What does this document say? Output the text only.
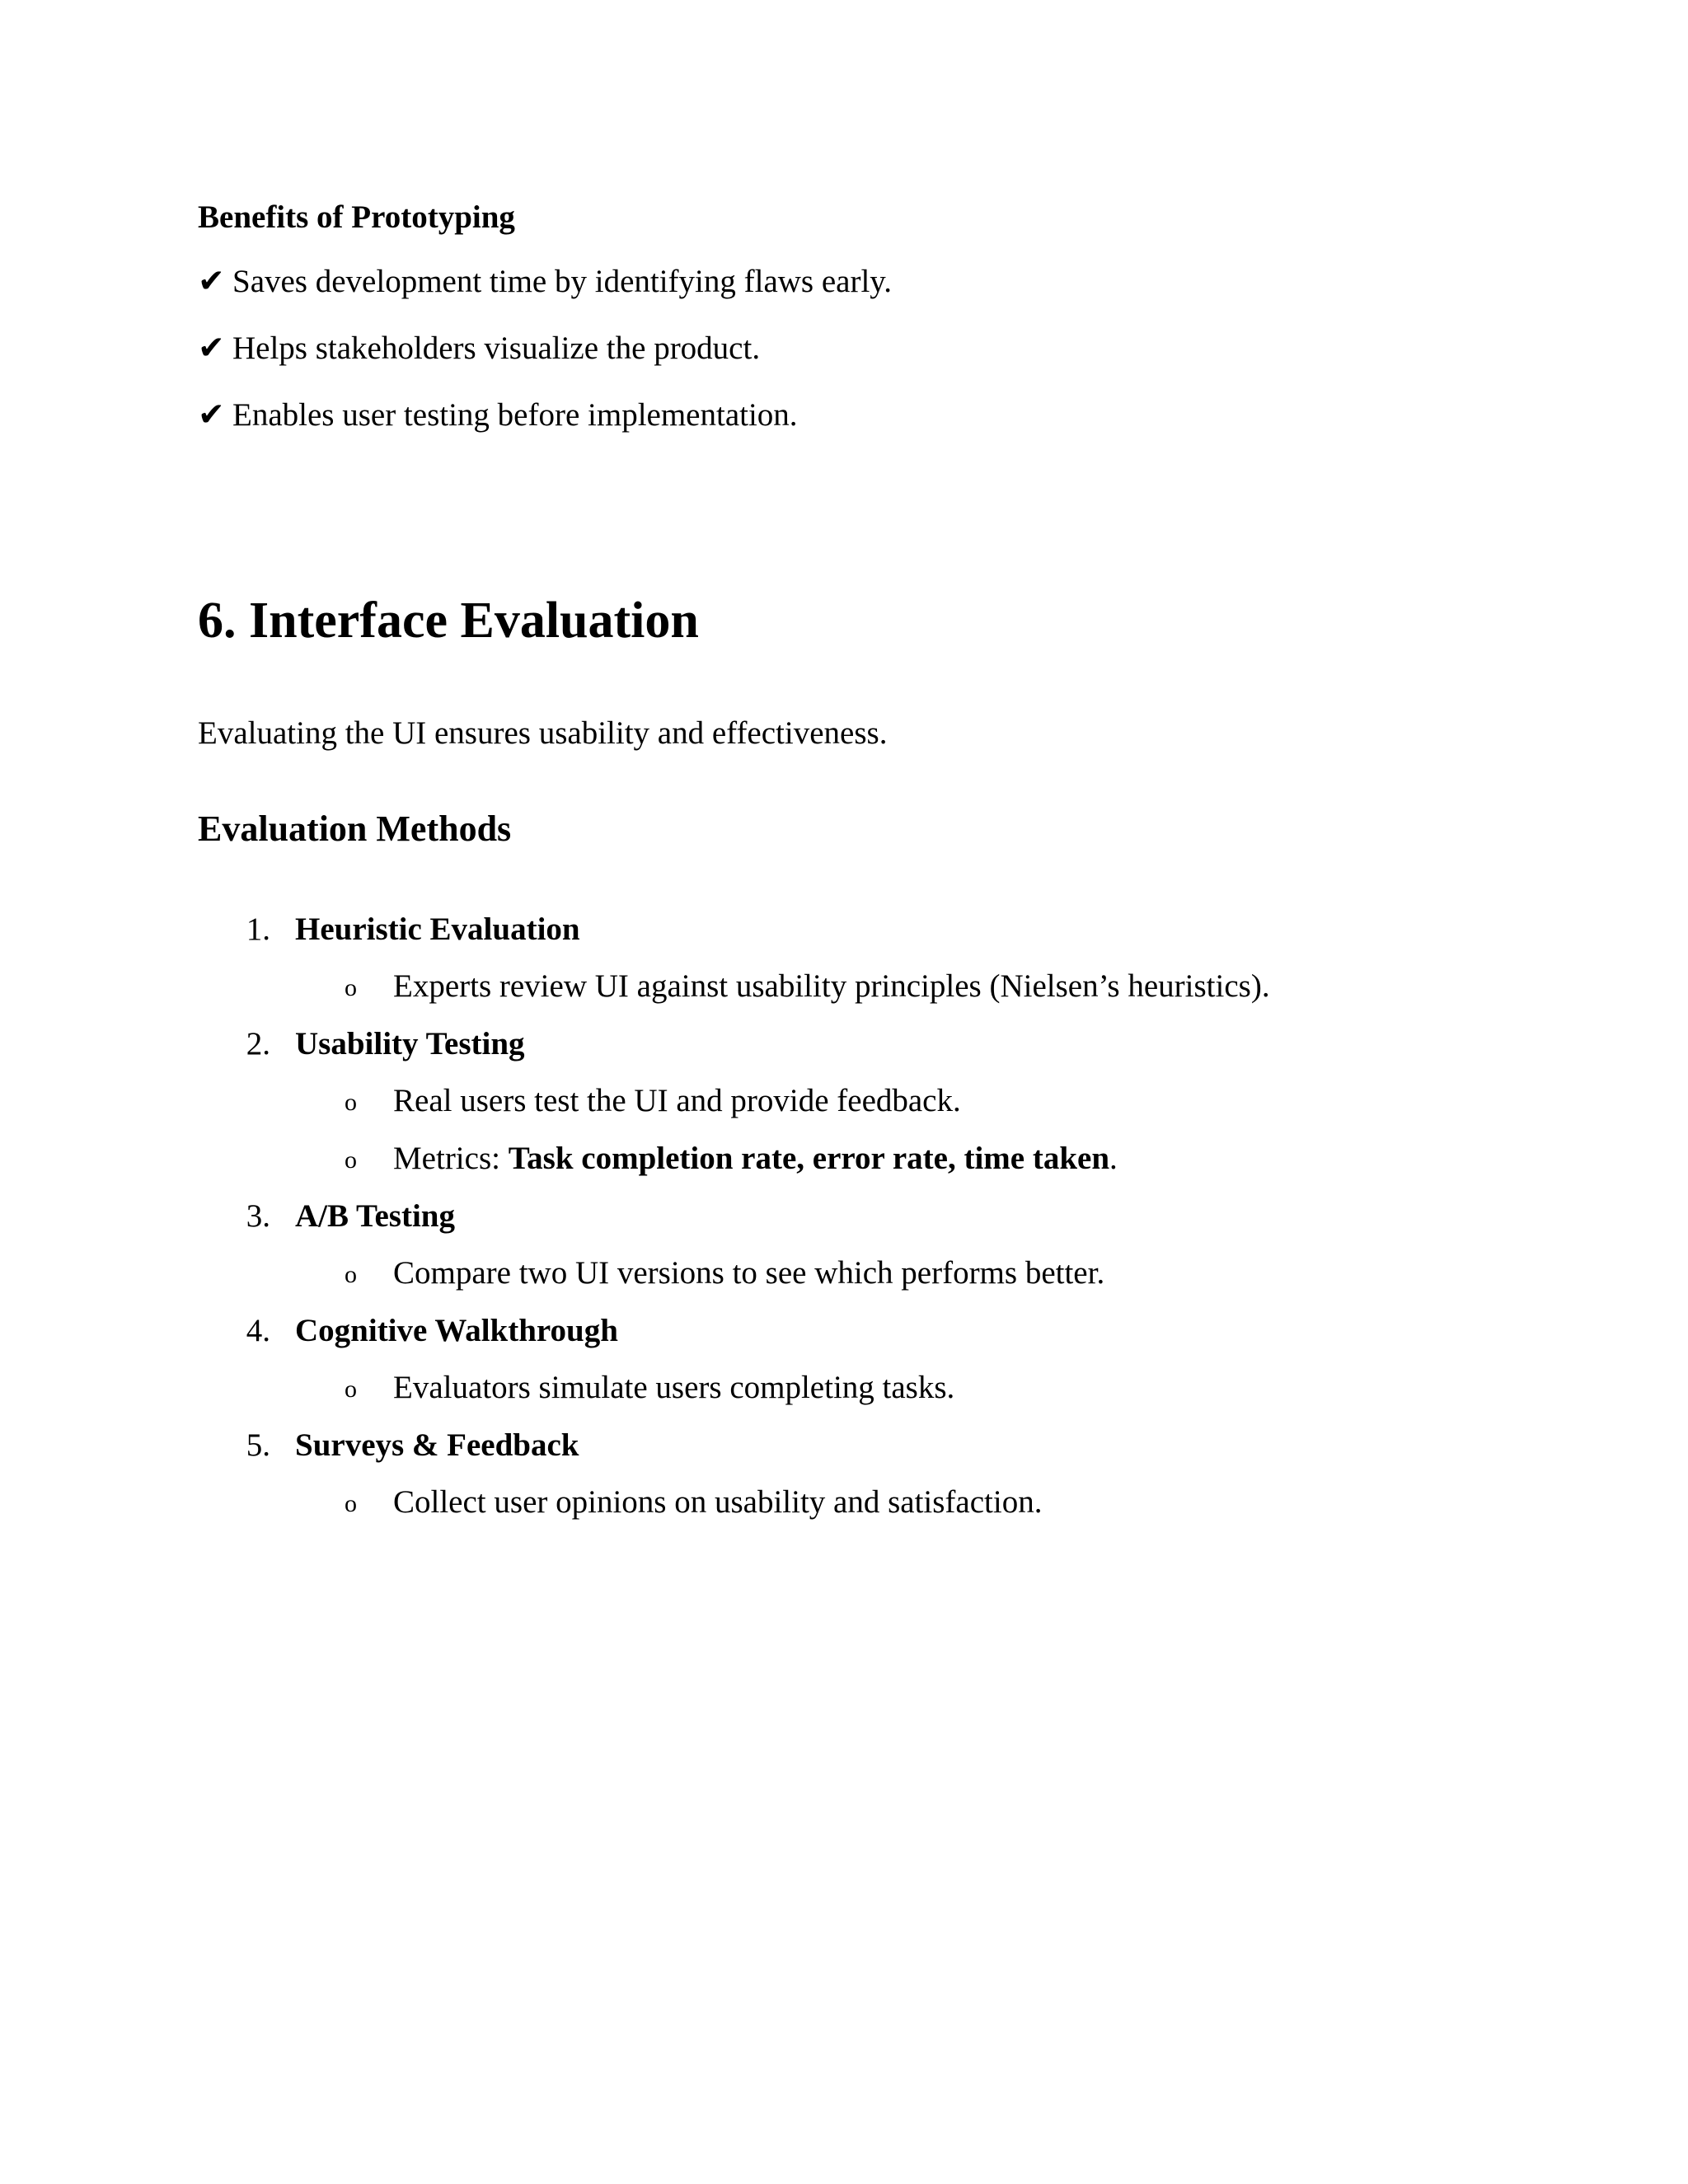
Benefits of Prototyping
✔ Saves development time by identifying flaws early.
✔ Helps stakeholders visualize the product.
✔ Enables user testing before implementation.
6. Interface Evaluation
Evaluating the UI ensures usability and effectiveness.
Evaluation Methods
1. Heuristic Evaluation
o Experts review UI against usability principles (Nielsen’s heuristics).
2. Usability Testing
o Real users test the UI and provide feedback.
o Metrics: Task completion rate, error rate, time taken.
3. A/B Testing
o Compare two UI versions to see which performs better.
4. Cognitive Walkthrough
o Evaluators simulate users completing tasks.
5. Surveys & Feedback
o Collect user opinions on usability and satisfaction.
